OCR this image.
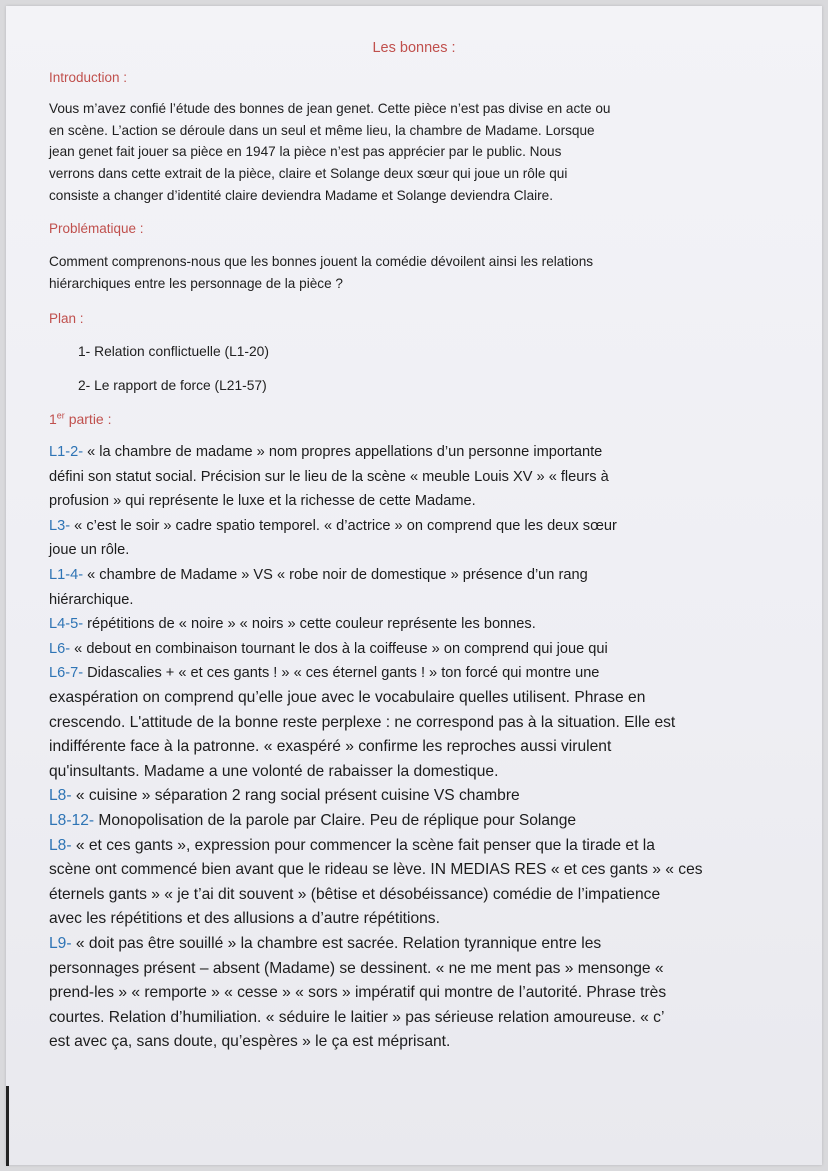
Les bonnes :
Introduction :
Vous m’avez confié l’étude des bonnes de jean genet. Cette pièce n’est pas divise en acte ou
en scène. L’action se déroule dans un seul et même lieu, la chambre de Madame. Lorsque
jean genet fait jouer sa pièce en 1947 la pièce n’est pas apprécier par le public. Nous
verrons dans cette extrait de la pièce, claire et Solange deux sœur qui joue un rôle qui
consiste a changer d’identité claire deviendra Madame et Solange deviendra Claire.
Problématique :
Comment comprenons-nous que les bonnes jouent la comédie dévoilent ainsi les relations
hiérarchiques entre les personnage de la pièce ?
Plan :
1- Relation conflictuelle (L1-20)
2- Le rapport de force (L21-57)
1er partie :
L1-2- « la chambre de madame » nom propres appellations d’un personne importante
défini son statut social. Précision sur le lieu de la scène « meuble Louis XV » « fleurs à
profusion » qui représente le luxe et la richesse de cette Madame.
L3- « c’est le soir » cadre spatio temporel. « d’actrice » on comprend que les deux sœur
joue un rôle.
L1-4- « chambre de Madame » VS « robe noir de domestique » présence d’un rang
hiérarchique.
L4-5- répétitions de « noire » « noirs » cette couleur représente les bonnes.
L6- « debout en combinaison tournant le dos à la coiffeuse » on comprend qui joue qui
L6-7- Didascalies + « et ces gants ! » « ces éternel gants ! » ton forcé qui montre une
exaspération on comprend qu’elle joue avec le vocabulaire quelles utilisent. Phrase en
crescendo. L'attitude de la bonne reste perplexe : ne correspond pas à la situation. Elle est
indifférente face à la patronne. « exaspéré » confirme les reproches aussi virulent
qu'insultants. Madame a une volonté de rabaisser la domestique.
L8- « cuisine » séparation 2 rang social présent cuisine VS chambre
L8-12- Monopolisation de la parole par Claire. Peu de réplique pour Solange
L8- « et ces gants », expression pour commencer la scène fait penser que la tirade et la
scène ont commencé bien avant que le rideau se lève. IN MEDIAS RES « et ces gants » « ces
éternels gants » « je t’ai dit souvent » (bêtise et désobéissance) comédie de l’impatience
avec les répétitions et des allusions a d’autre répétitions.
L9- « doit pas être souillé » la chambre est sacrée. Relation tyrannique entre les
personnages présent – absent (Madame) se dessinent. « ne me ment pas » mensonge «
prend-les » « remporte » « cesse » « sors » impératif qui montre de l’autorité. Phrase très
courtes. Relation d’humiliation. « séduire le laitier » pas sérieuse relation amoureuse. « c’
est avec ça, sans doute, qu’espères » le ça est méprisant.
